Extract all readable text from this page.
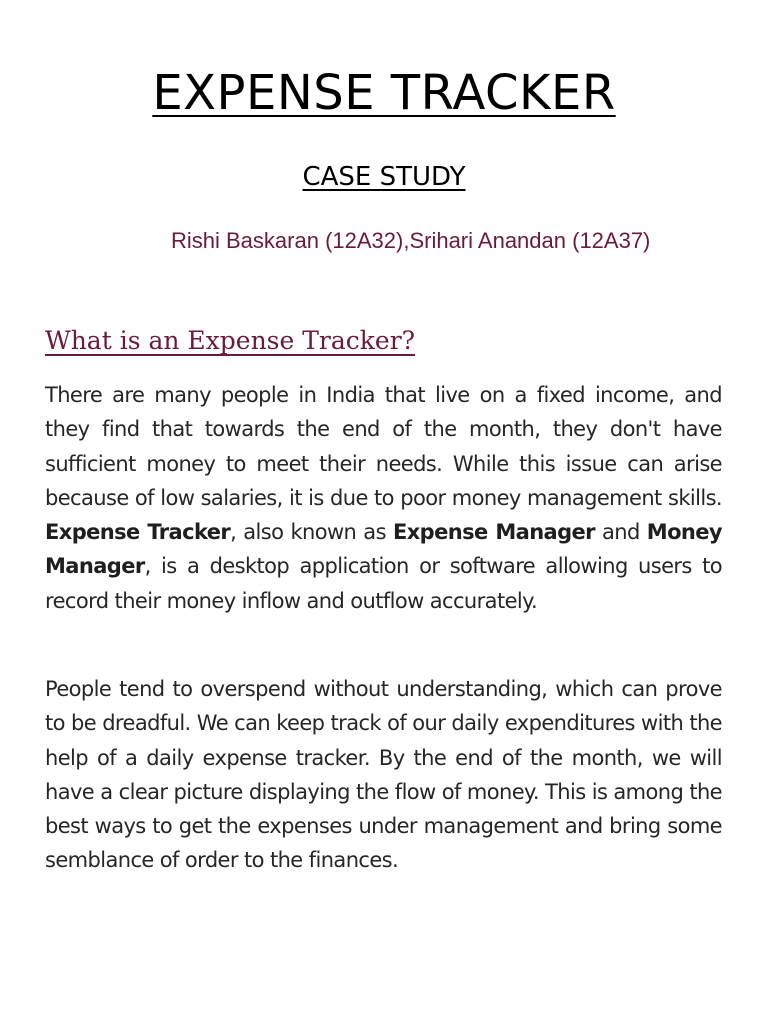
EXPENSE TRACKER
CASE STUDY
Rishi Baskaran (12A32),Srihari Anandan (12A37)
What is an Expense Tracker?

There are many people in India that live on a fixed income, and they find that towards the end of the month, they don't have sufficient money to meet their needs. While this issue can arise because of low salaries, it is due to poor money management skills. Expense Tracker, also known as Expense Manager and Money Manager, is a desktop application or software allowing users to record their money inflow and outflow accurately.

People tend to overspend without understanding, which can prove to be dreadful. We can keep track of our daily expenditures with the help of a daily expense tracker. By the end of the month, we will have a clear picture displaying the flow of money. This is among the best ways to get the expenses under management and bring some semblance of order to the finances.
